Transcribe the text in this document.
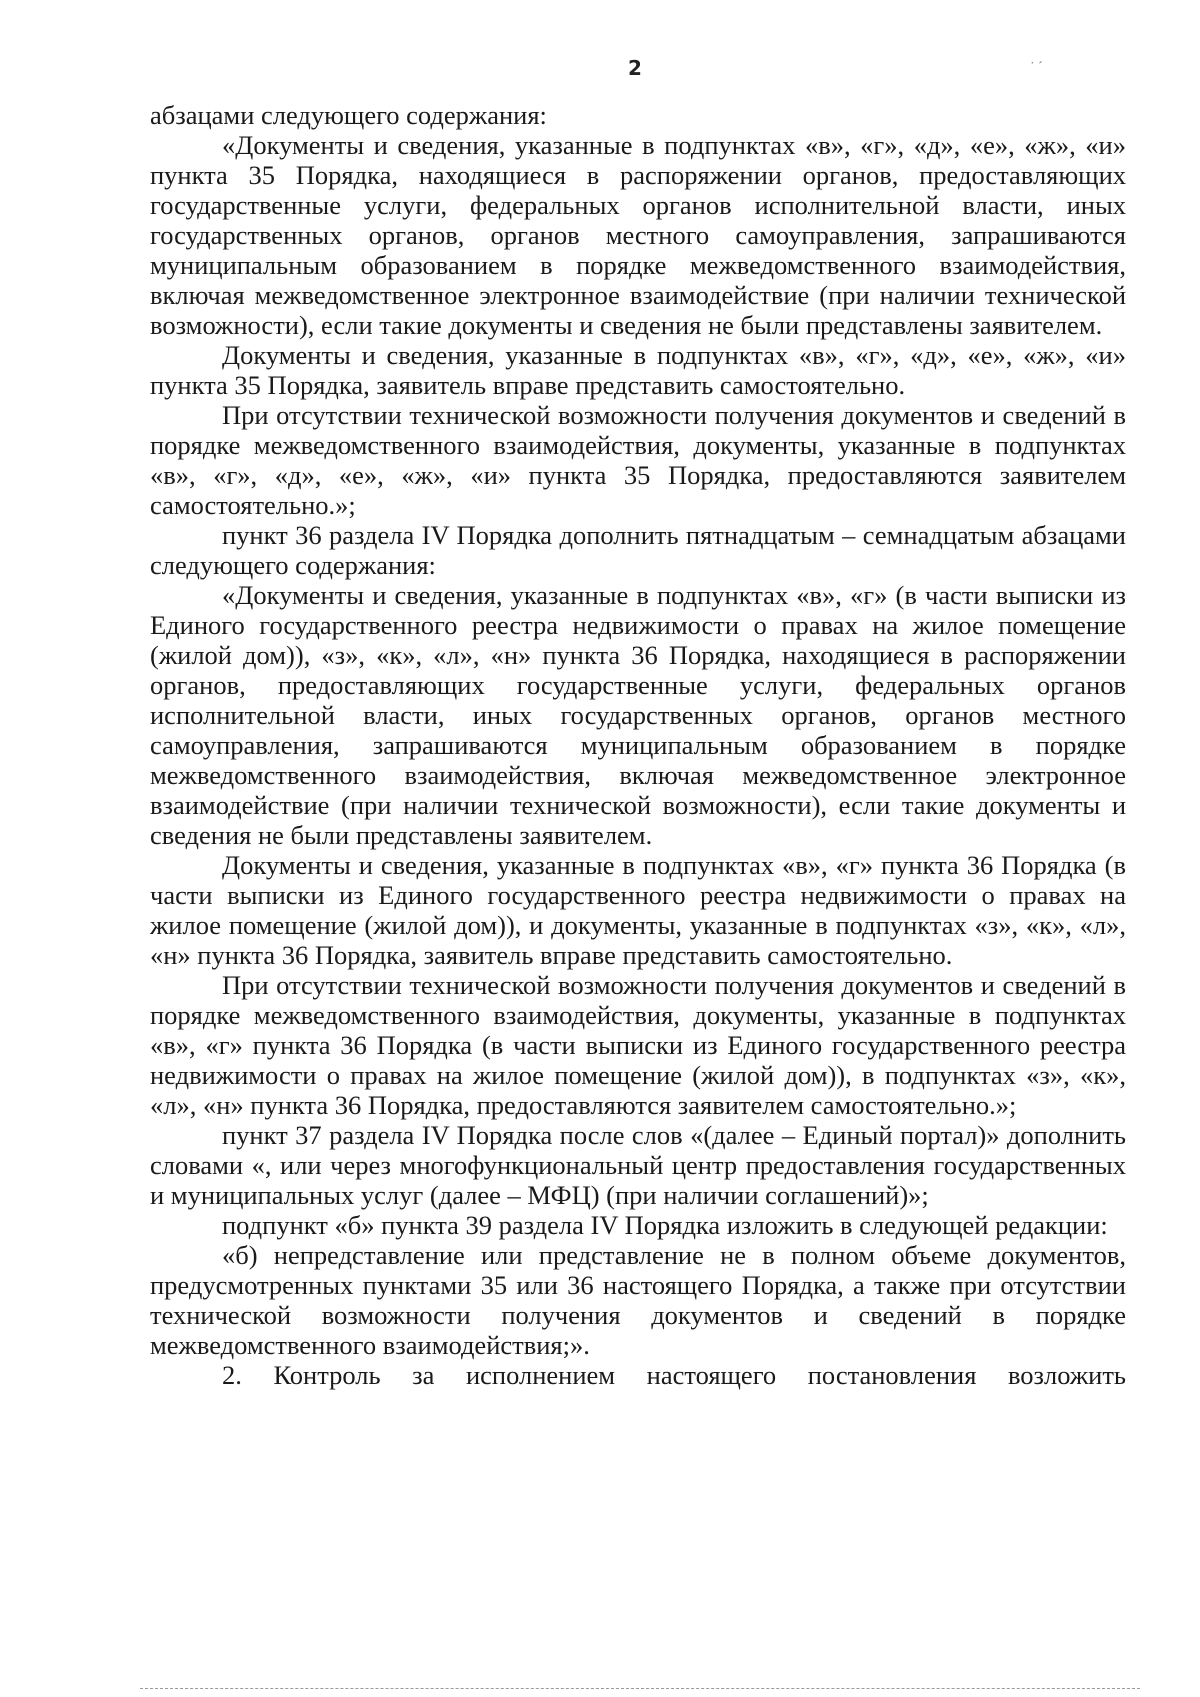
2	˙ ˊ

абзацами следующего содержания:

«Документы и сведения, указанные в подпунктах «в», «г», «д», «е», «ж», «и» пункта 35 Порядка, находящиеся в распоряжении органов, предоставляющих государственные услуги, федеральных органов исполнительной власти, иных государственных органов, органов местного самоуправления, запрашиваются муниципальным образованием в порядке межведомственного взаимодействия, включая межведомственное электронное взаимодействие (при наличии технической возможности), если такие документы и сведения не были представлены заявителем.

Документы и сведения, указанные в подпунктах «в», «г», «д», «е», «ж», «и» пункта 35 Порядка, заявитель вправе представить самостоятельно.

При отсутствии технической возможности получения документов и сведений в порядке межведомственного взаимодействия, документы, указанные в подпунктах «в», «г», «д», «е», «ж», «и» пункта 35 Порядка, предоставляются заявителем самостоятельно.»;

пункт 36 раздела IV Порядка дополнить пятнадцатым – семнадцатым абзацами следующего содержания:

«Документы и сведения, указанные в подпунктах «в», «г» (в части выписки из Единого государственного реестра недвижимости о правах на жилое помещение (жилой дом)), «з», «к», «л», «н» пункта 36 Порядка, находящиеся в распоряжении органов, предоставляющих государственные услуги, федеральных органов исполнительной власти, иных государственных органов, органов местного самоуправления, запрашиваются муниципальным образованием в порядке межведомственного взаимодействия, включая межведомственное электронное взаимодействие (при наличии технической возможности), если такие документы и сведения не были представлены заявителем.

Документы и сведения, указанные в подпунктах «в», «г» пункта 36 Порядка (в части выписки из Единого государственного реестра недвижимости о правах на жилое помещение (жилой дом)), и документы, указанные в подпунктах «з», «к», «л», «н» пункта 36 Порядка, заявитель вправе представить самостоятельно.

При отсутствии технической возможности получения документов и сведений в порядке межведомственного взаимодействия, документы, указанные в подпунктах «в», «г» пункта 36 Порядка (в части выписки из Единого государственного реестра недвижимости о правах на жилое помещение (жилой дом)), в подпунктах «з», «к», «л», «н» пункта 36 Порядка, предоставляются заявителем самостоятельно.»;

пункт 37 раздела IV Порядка после слов «(далее – Единый портал)» дополнить словами «, или через многофункциональный центр предоставления государственных и муниципальных услуг (далее – МФЦ) (при наличии соглашений)»;

подпункт «б» пункта 39 раздела IV Порядка изложить в следующей редакции:

«б) непредставление или представление не в полном объеме документов, предусмотренных пунктами 35 или 36 настоящего Порядка, а также при отсутствии технической возможности получения документов и сведений в порядке межведомственного взаимодействия;».

2. Контроль за исполнением настоящего постановления возложить
